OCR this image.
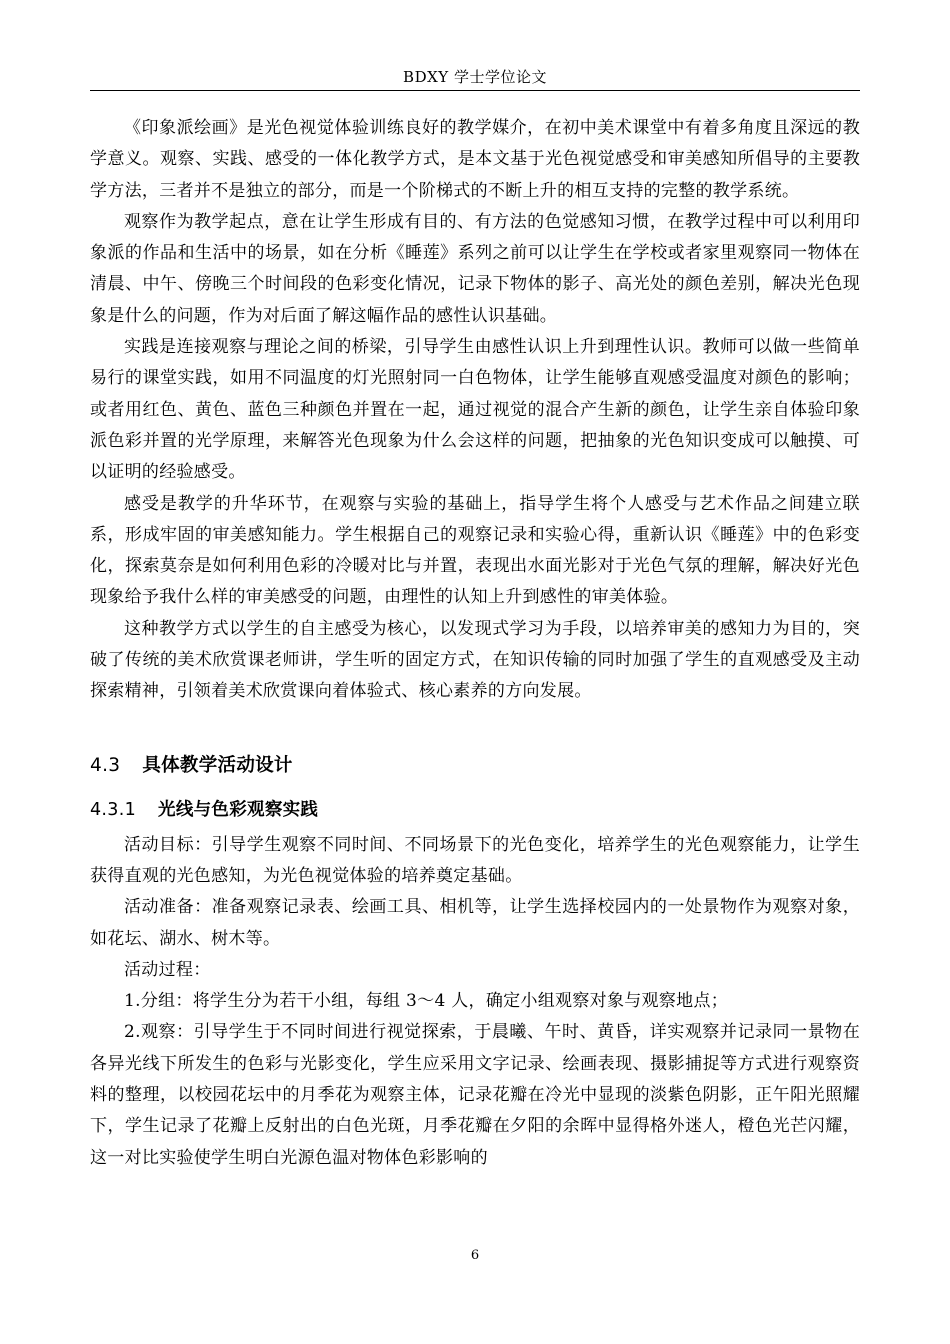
BDXY 学士学位论文

《印象派绘画》是光色视觉体验训练良好的教学媒介，在初中美术课堂中有着多角度且深远的教学意义。观察、实践、感受的一体化教学方式，是本文基于光色视觉感受和审美感知所倡导的主要教学方法，三者并不是独立的部分，而是一个阶梯式的不断上升的相互支持的完整的教学系统。

观察作为教学起点，意在让学生形成有目的、有方法的色觉感知习惯，在教学过程中可以利用印象派的作品和生活中的场景，如在分析《睡莲》系列之前可以让学生在学校或者家里观察同一物体在清晨、中午、傍晚三个时间段的色彩变化情况，记录下物体的影子、高光处的颜色差别，解决光色现象是什么的问题，作为对后面了解这幅作品的感性认识基础。

实践是连接观察与理论之间的桥梁，引导学生由感性认识上升到理性认识。教师可以做一些简单易行的课堂实践，如用不同温度的灯光照射同一白色物体，让学生能够直观感受温度对颜色的影响；或者用红色、黄色、蓝色三种颜色并置在一起，通过视觉的混合产生新的颜色，让学生亲自体验印象派色彩并置的光学原理，来解答光色现象为什么会这样的问题，把抽象的光色知识变成可以触摸、可以证明的经验感受。

感受是教学的升华环节，在观察与实验的基础上，指导学生将个人感受与艺术作品之间建立联系，形成牢固的审美感知能力。学生根据自己的观察记录和实验心得，重新认识《睡莲》中的色彩变化，探索莫奈是如何利用色彩的冷暖对比与并置，表现出水面光影对于光色气氛的理解，解决好光色现象给予我什么样的审美感受的问题，由理性的认知上升到感性的审美体验。

这种教学方式以学生的自主感受为核心，以发现式学习为手段，以培养审美的感知力为目的，突破了传统的美术欣赏课老师讲，学生听的固定方式，在知识传输的同时加强了学生的直观感受及主动探索精神，引领着美术欣赏课向着体验式、核心素养的方向发展。

4.3 具体教学活动设计
4.3.1 光线与色彩观察实践

活动目标：引导学生观察不同时间、不同场景下的光色变化，培养学生的光色观察能力，让学生获得直观的光色感知，为光色视觉体验的培养奠定基础。

活动准备：准备观察记录表、绘画工具、相机等，让学生选择校园内的一处景物作为观察对象，如花坛、湖水、树木等。

活动过程：

1.分组：将学生分为若干小组，每组 3～4 人，确定小组观察对象与观察地点；

2.观察：引导学生于不同时间进行视觉探索，于晨曦、午时、黄昏，详实观察并记录同一景物在各异光线下所发生的色彩与光影变化，学生应采用文字记录、绘画表现、摄影捕捉等方式进行观察资料的整理，以校园花坛中的月季花为观察主体，记录花瓣在冷光中显现的淡紫色阴影，正午阳光照耀下，学生记录了花瓣上反射出的白色光斑，月季花瓣在夕阳的余晖中显得格外迷人，橙色光芒闪耀，这一对比实验使学生明白光源色温对物体色彩影响的

6
